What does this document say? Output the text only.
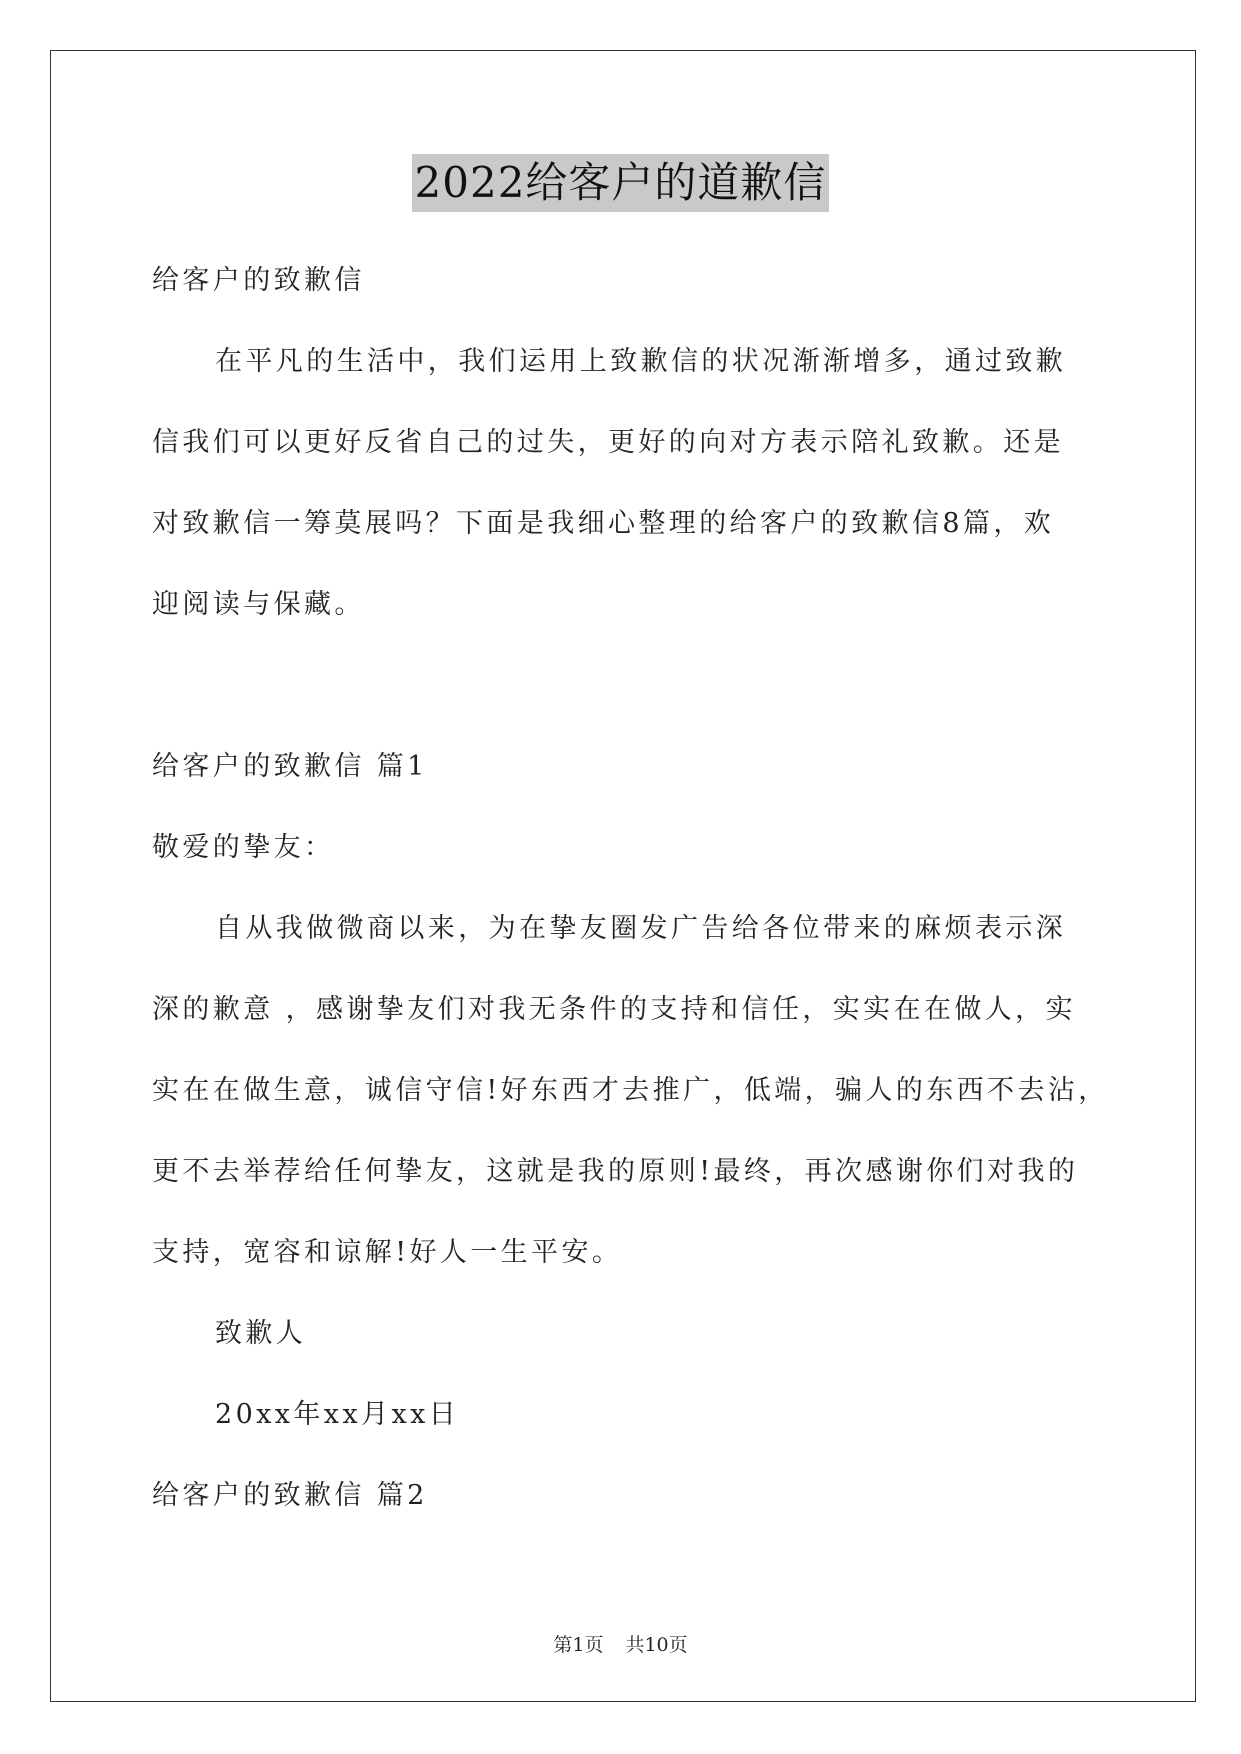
2022给客户的道歉信
给客户的致歉信
在平凡的生活中，我们运用上致歉信的状况渐渐增多，通过致歉
信我们可以更好反省自己的过失，更好的向对方表示陪礼致歉。还是
对致歉信一筹莫展吗？下面是我细心整理的给客户的致歉信8篇，欢
迎阅读与保藏。
给客户的致歉信 篇1
敬爱的挚友：
自从我做微商以来，为在挚友圈发广告给各位带来的麻烦表示深
深的歉意 ，感谢挚友们对我无条件的支持和信任，实实在在做人，实
实在在做生意，诚信守信!好东西才去推广，低端，骗人的东西不去沾，
更不去举荐给任何挚友，这就是我的原则!最终，再次感谢你们对我的
支持，宽容和谅解!好人一生平安。
致歉人
20xx年xx月xx日
给客户的致歉信 篇2
第1页 共10页
